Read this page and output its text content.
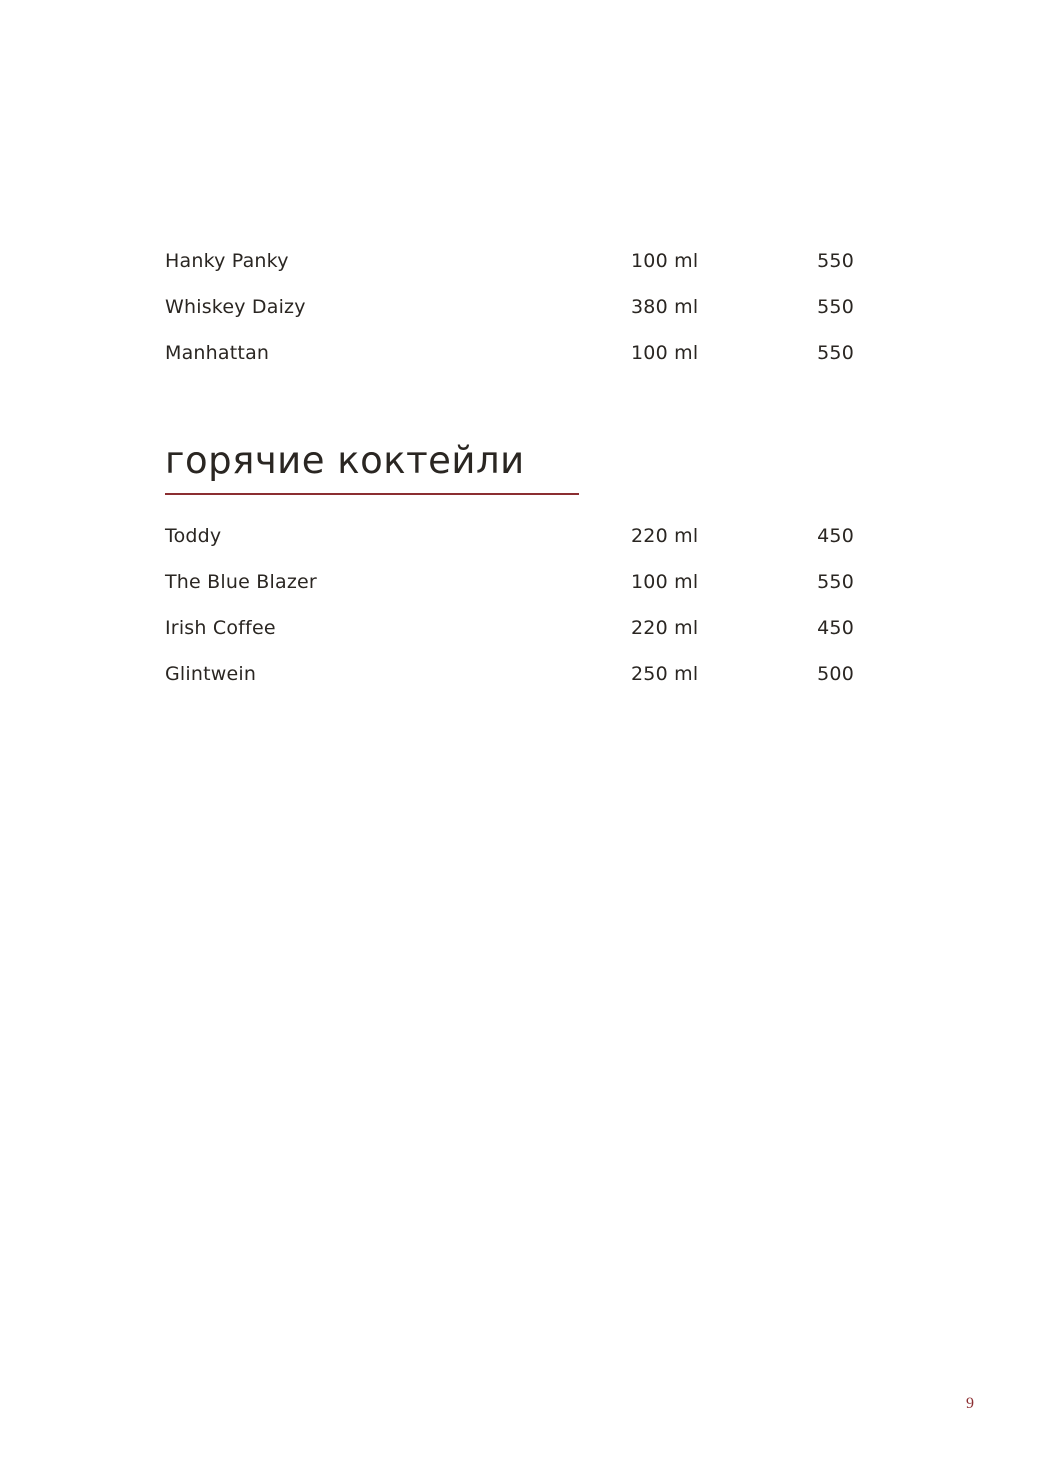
Hanky Panky	100 ml	550
Whiskey Daizy	380 ml	550
Manhattan	100 ml	550
горячие коктейли
Toddy	220 ml	450
The Blue Blazer	100 ml	550
Irish Coffee	220 ml	450
Glintwein	250 ml	500
9
